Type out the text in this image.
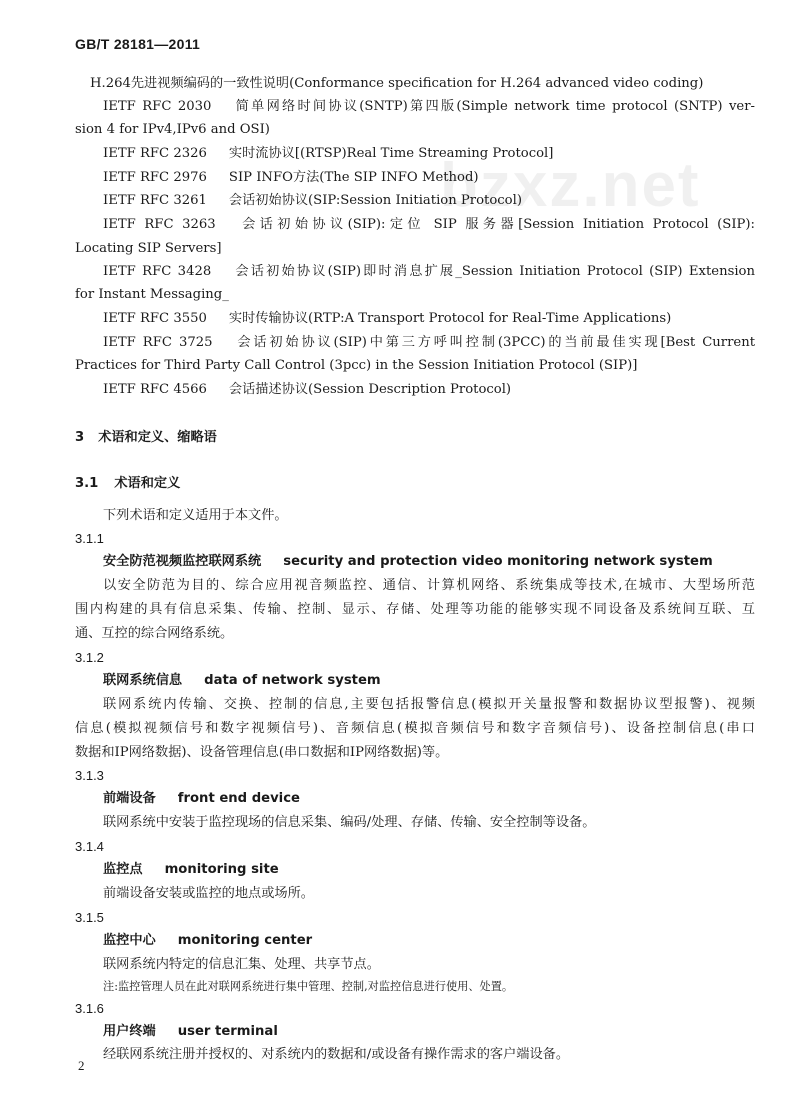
bzxz.net
GB/T 28181—2011
H.264先进视频编码的一致性说明(Conformance specification for H.264 advanced video coding)
IETF RFC 2030 简单网络时间协议(SNTP)第四版(Simple network time protocol (SNTP) ver-
sion 4 for IPv4,IPv6 and OSI)
IETF RFC 2326 实时流协议[(RTSP)Real Time Streaming Protocol]
IETF RFC 2976 SIP INFO方法(The SIP INFO Method)
IETF RFC 3261 会话初始协议(SIP:Session Initiation Protocol)
IETF RFC 3263 会话初始协议(SIP):定位 SIP 服务器[Session Initiation Protocol (SIP):
Locating SIP Servers]
IETF RFC 3428 会话初始协议(SIP)即时消息扩展_Session Initiation Protocol (SIP) Extension
for Instant Messaging_
IETF RFC 3550 实时传输协议(RTP:A Transport Protocol for Real-Time Applications)
IETF RFC 3725 会话初始协议(SIP)中第三方呼叫控制(3PCC)的当前最佳实现[Best Current
Practices for Third Party Call Control (3pcc) in the Session Initiation Protocol (SIP)]
IETF RFC 4566 会话描述协议(Session Description Protocol)
3 术语和定义、缩略语
3.1 术语和定义
下列术语和定义适用于本文件。
3.1.1
安全防范视频监控联网系统 security and protection video monitoring network system
以安全防范为目的、综合应用视音频监控、通信、计算机网络、系统集成等技术,在城市、大型场所范
围内构建的具有信息采集、传输、控制、显示、存储、处理等功能的能够实现不同设备及系统间互联、互
通、互控的综合网络系统。
3.1.2
联网系统信息 data of network system
联网系统内传输、交换、控制的信息,主要包括报警信息(模拟开关量报警和数据协议型报警)、视频
信息(模拟视频信号和数字视频信号)、音频信息(模拟音频信号和数字音频信号)、设备控制信息(串口
数据和IP网络数据)、设备管理信息(串口数据和IP网络数据)等。
3.1.3
前端设备 front end device
联网系统中安装于监控现场的信息采集、编码/处理、存储、传输、安全控制等设备。
3.1.4
监控点 monitoring site
前端设备安装或监控的地点或场所。
3.1.5
监控中心 monitoring center
联网系统内特定的信息汇集、处理、共享节点。
注:监控管理人员在此对联网系统进行集中管理、控制,对监控信息进行使用、处置。
3.1.6
用户终端 user terminal
经联网系统注册并授权的、对系统内的数据和/或设备有操作需求的客户端设备。
2
